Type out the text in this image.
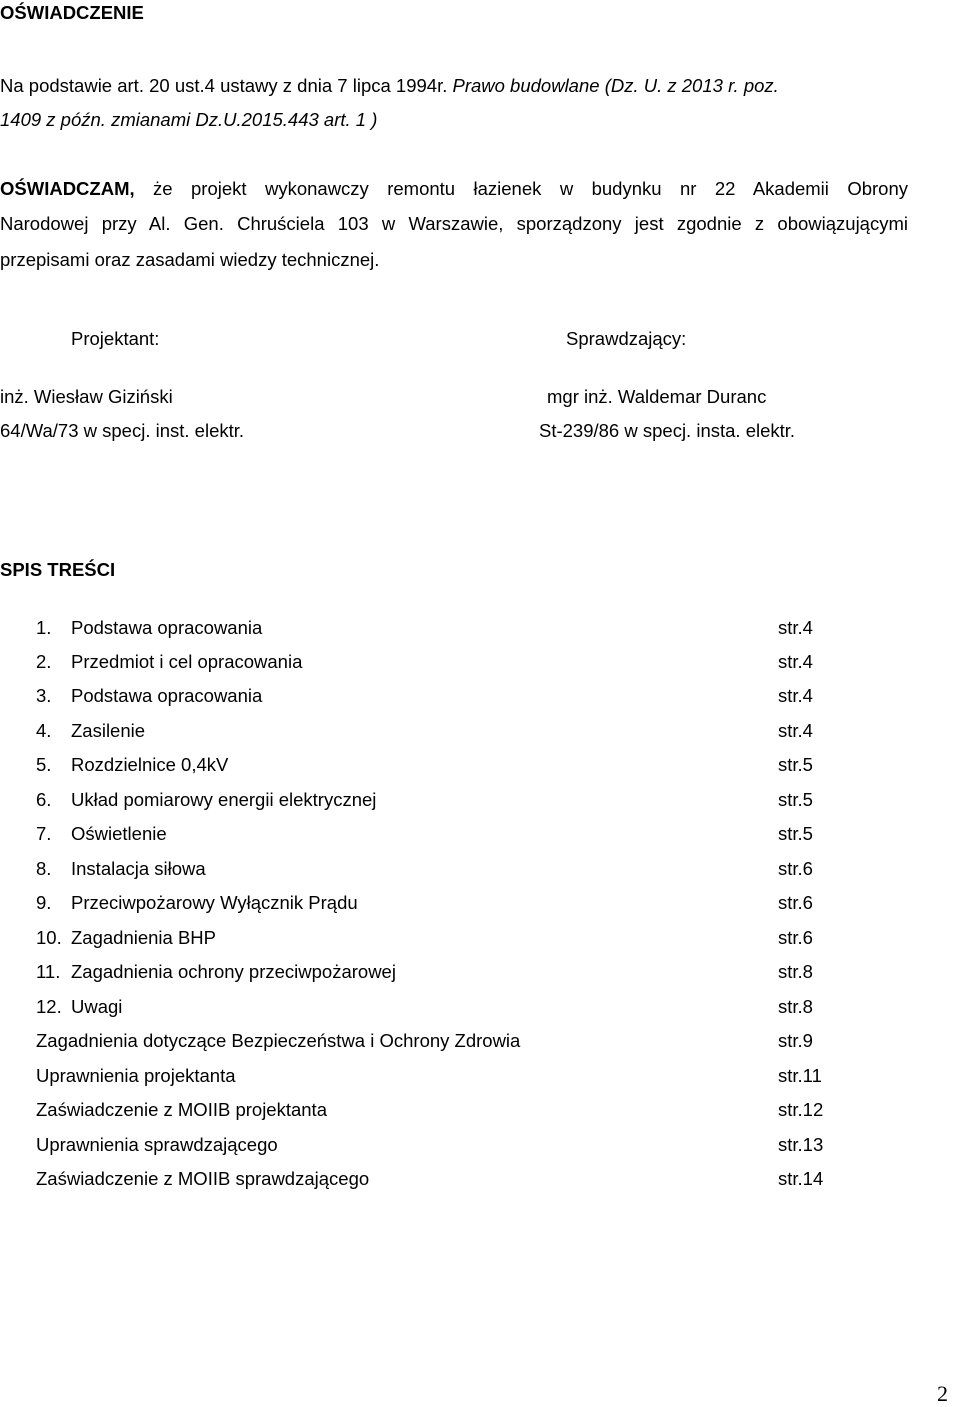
OŚWIADCZENIE
Na podstawie art. 20 ust.4 ustawy z dnia 7 lipca 1994r. Prawo budowlane (Dz. U. z 2013 r. poz.
1409 z późn. zmianami Dz.U.2015.443 art. 1 )
OŚWIADCZAM, że projekt wykonawczy remontu łazienek w budynku nr 22 Akademii Obrony
Narodowej przy Al. Gen. Chruściela 103 w Warszawie, sporządzony jest zgodnie z obowiązującymi
przepisami oraz zasadami wiedzy technicznej.
Projektant:	Sprawdzający:
inż. Wiesław Giziński	mgr inż. Waldemar Duranc
64/Wa/73 w specj. inst. elektr.	St-239/86 w specj. insta. elektr.
SPIS TREŚCI
1. Podstawa opracowania	str.4
2. Przedmiot i cel opracowania	str.4
3. Podstawa opracowania	str.4
4. Zasilenie	str.4
5. Rozdzielnice 0,4kV	str.5
6. Układ pomiarowy energii elektrycznej	str.5
7. Oświetlenie	str.5
8. Instalacja siłowa	str.6
9. Przeciwpożarowy Wyłącznik Prądu	str.6
10. Zagadnienia BHP	str.6
11. Zagadnienia ochrony przeciwpożarowej	str.8
12. Uwagi	str.8
Zagadnienia dotyczące Bezpieczeństwa i Ochrony Zdrowia	str.9
Uprawnienia projektanta	str.11
Zaświadczenie z MOIIB projektanta	str.12
Uprawnienia sprawdzającego	str.13
Zaświadczenie z MOIIB sprawdzającego	str.14
2
